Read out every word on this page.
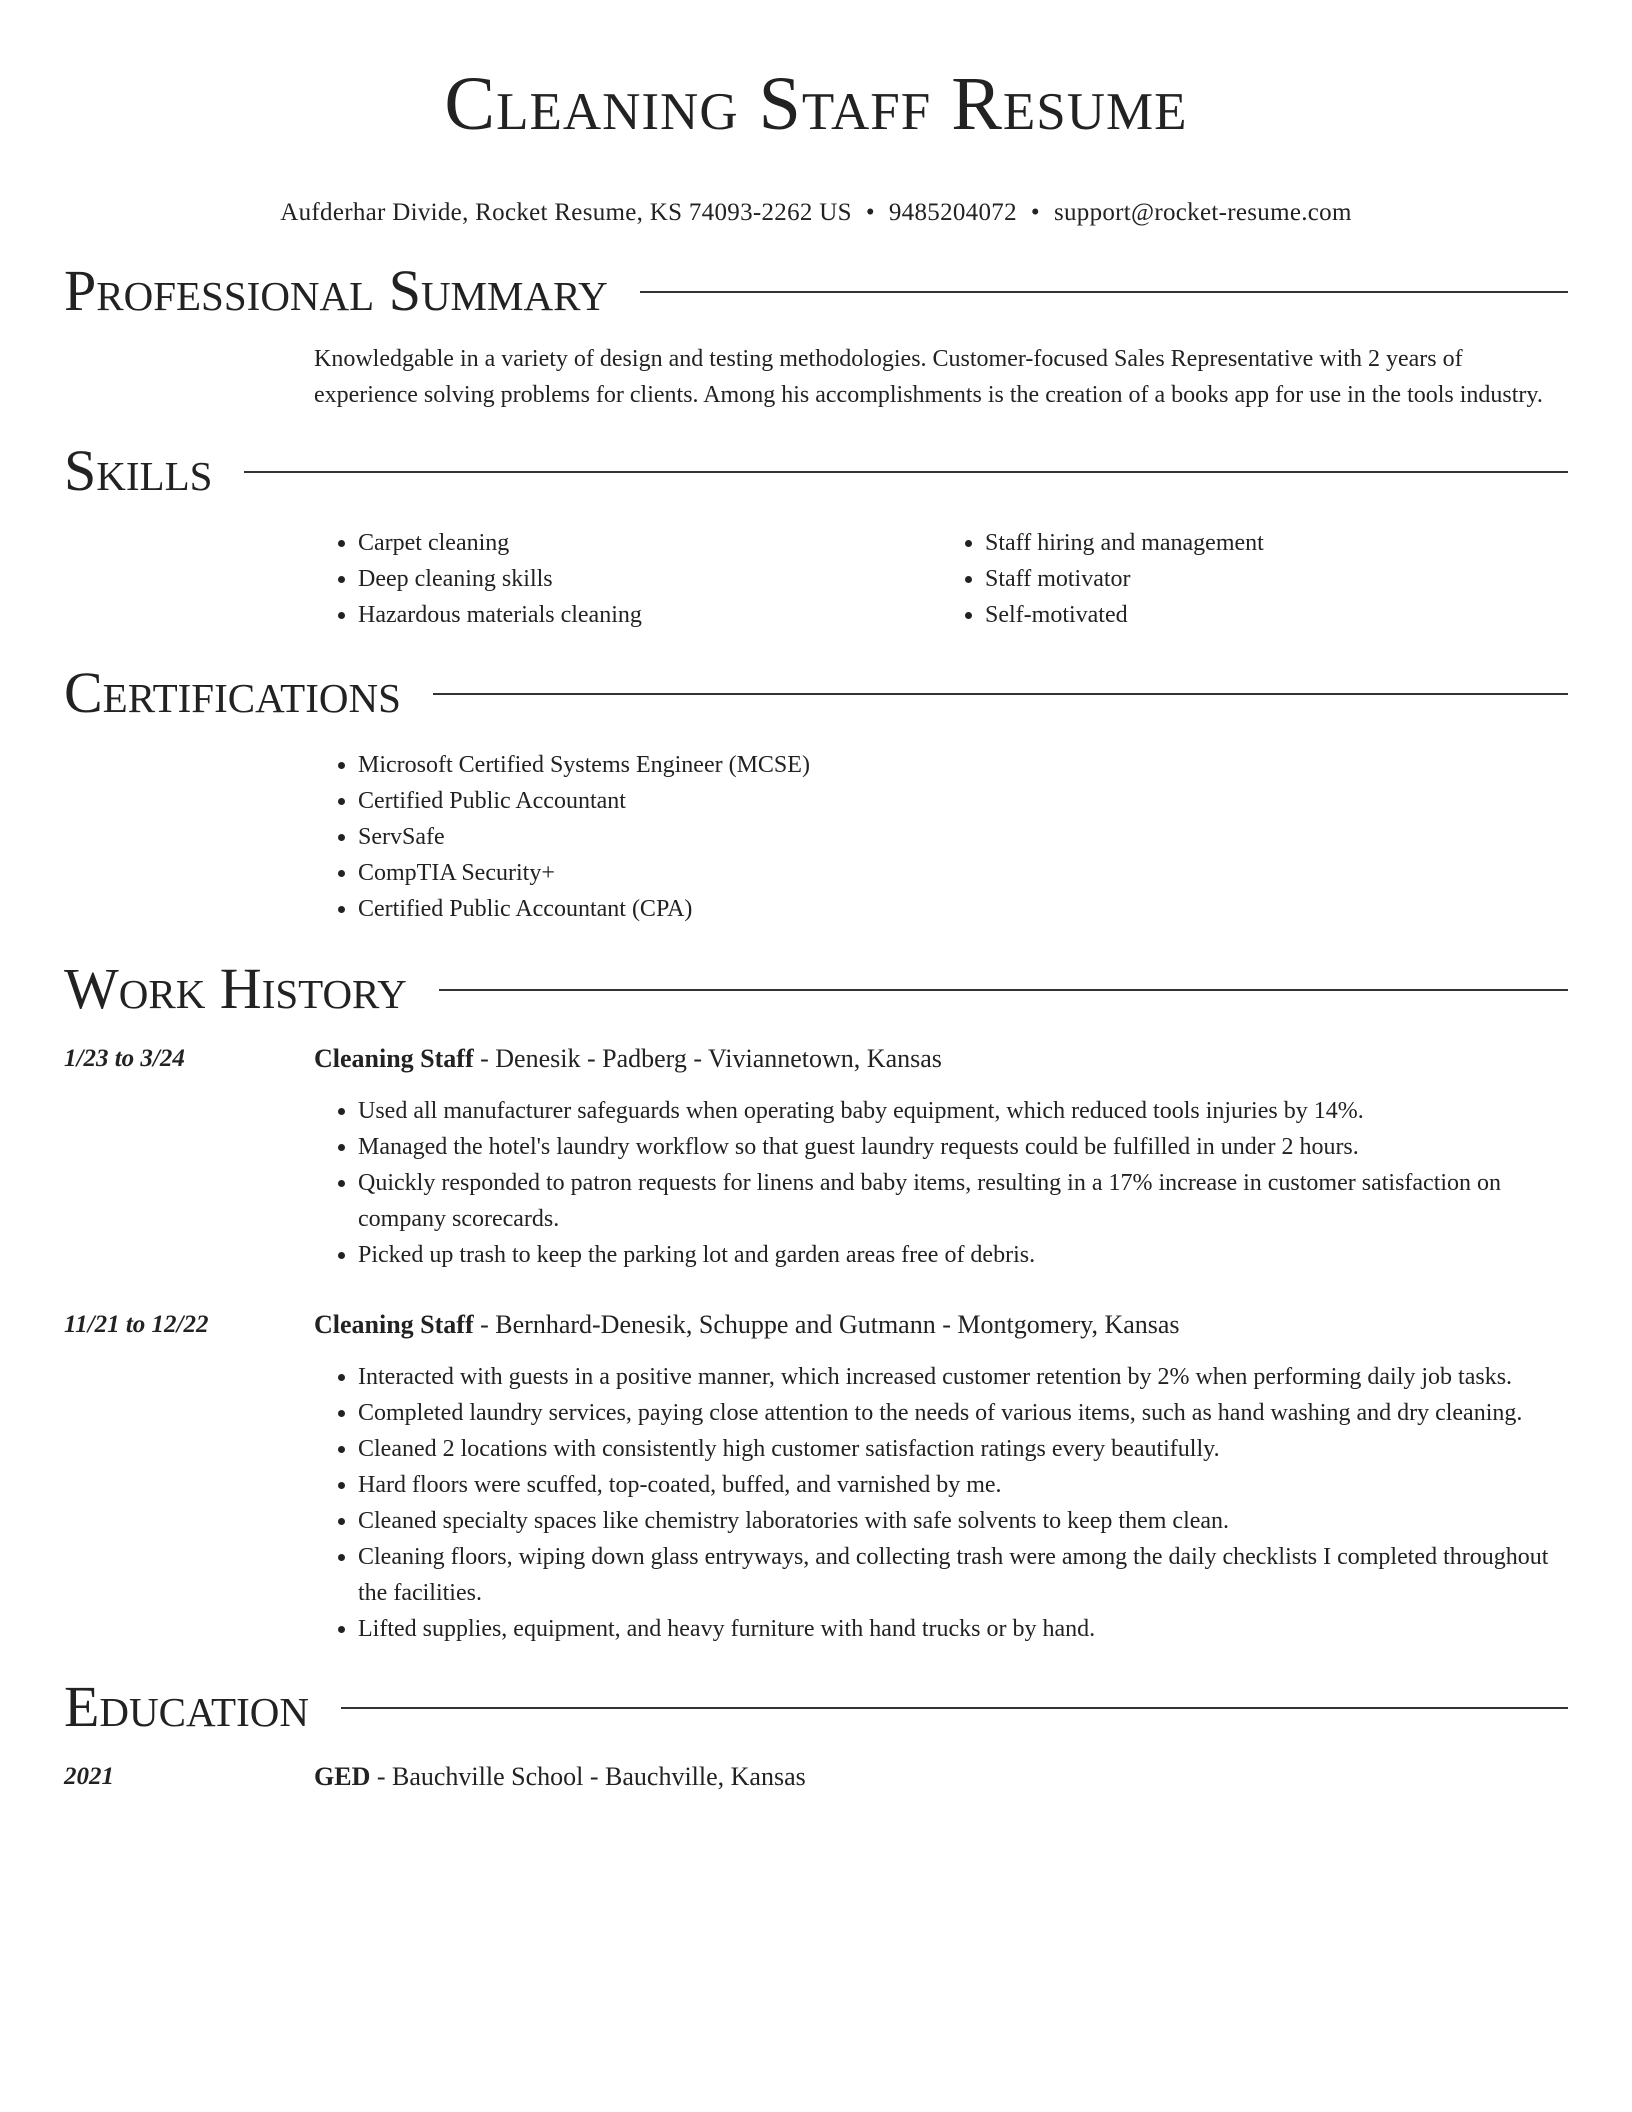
Cleaning Staff Resume
Aufderhar Divide, Rocket Resume, KS 74093-2262 US • 9485204072 • support@rocket-resume.com
Professional Summary
Knowledgable in a variety of design and testing methodologies. Customer-focused Sales Representative with 2 years of experience solving problems for clients. Among his accomplishments is the creation of a books app for use in the tools industry.
Skills
• Carpet cleaning
• Deep cleaning skills
• Hazardous materials cleaning
• Staff hiring and management
• Staff motivator
• Self-motivated
Certifications
• Microsoft Certified Systems Engineer (MCSE)
• Certified Public Accountant
• ServSafe
• CompTIA Security+
• Certified Public Accountant (CPA)
Work History
1/23 to 3/24	Cleaning Staff - Denesik - Padberg - Viviannetown, Kansas
• Used all manufacturer safeguards when operating baby equipment, which reduced tools injuries by 14%.
• Managed the hotel's laundry workflow so that guest laundry requests could be fulfilled in under 2 hours.
• Quickly responded to patron requests for linens and baby items, resulting in a 17% increase in customer satisfaction on company scorecards.
• Picked up trash to keep the parking lot and garden areas free of debris.
11/21 to 12/22	Cleaning Staff - Bernhard-Denesik, Schuppe and Gutmann - Montgomery, Kansas
• Interacted with guests in a positive manner, which increased customer retention by 2% when performing daily job tasks.
• Completed laundry services, paying close attention to the needs of various items, such as hand washing and dry cleaning.
• Cleaned 2 locations with consistently high customer satisfaction ratings every beautifully.
• Hard floors were scuffed, top-coated, buffed, and varnished by me.
• Cleaned specialty spaces like chemistry laboratories with safe solvents to keep them clean.
• Cleaning floors, wiping down glass entryways, and collecting trash were among the daily checklists I completed throughout the facilities.
• Lifted supplies, equipment, and heavy furniture with hand trucks or by hand.
Education
2021	GED - Bauchville School - Bauchville, Kansas
